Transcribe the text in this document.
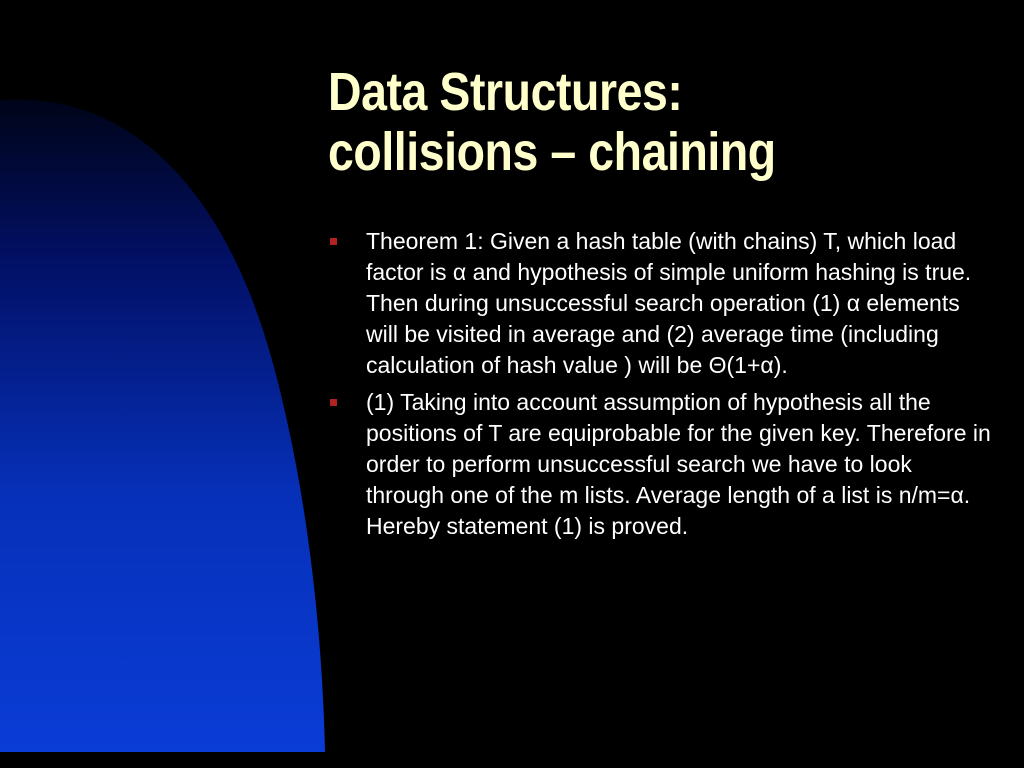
Data Structures:
collisions – chaining
Theorem 1: Given a hash table (with chains) T, which load factor is α and hypothesis of simple uniform hashing is true. Then during unsuccessful search operation (1) α elements will be visited in average and (2) average time (including calculation of hash value ) will be Θ(1+α).
(1) Taking into account assumption of hypothesis all the positions of T are equiprobable for the given key. Therefore in order to perform unsuccessful search we have to look through one of the m lists. Average length of a list is n/m=α. Hereby statement (1) is proved.
